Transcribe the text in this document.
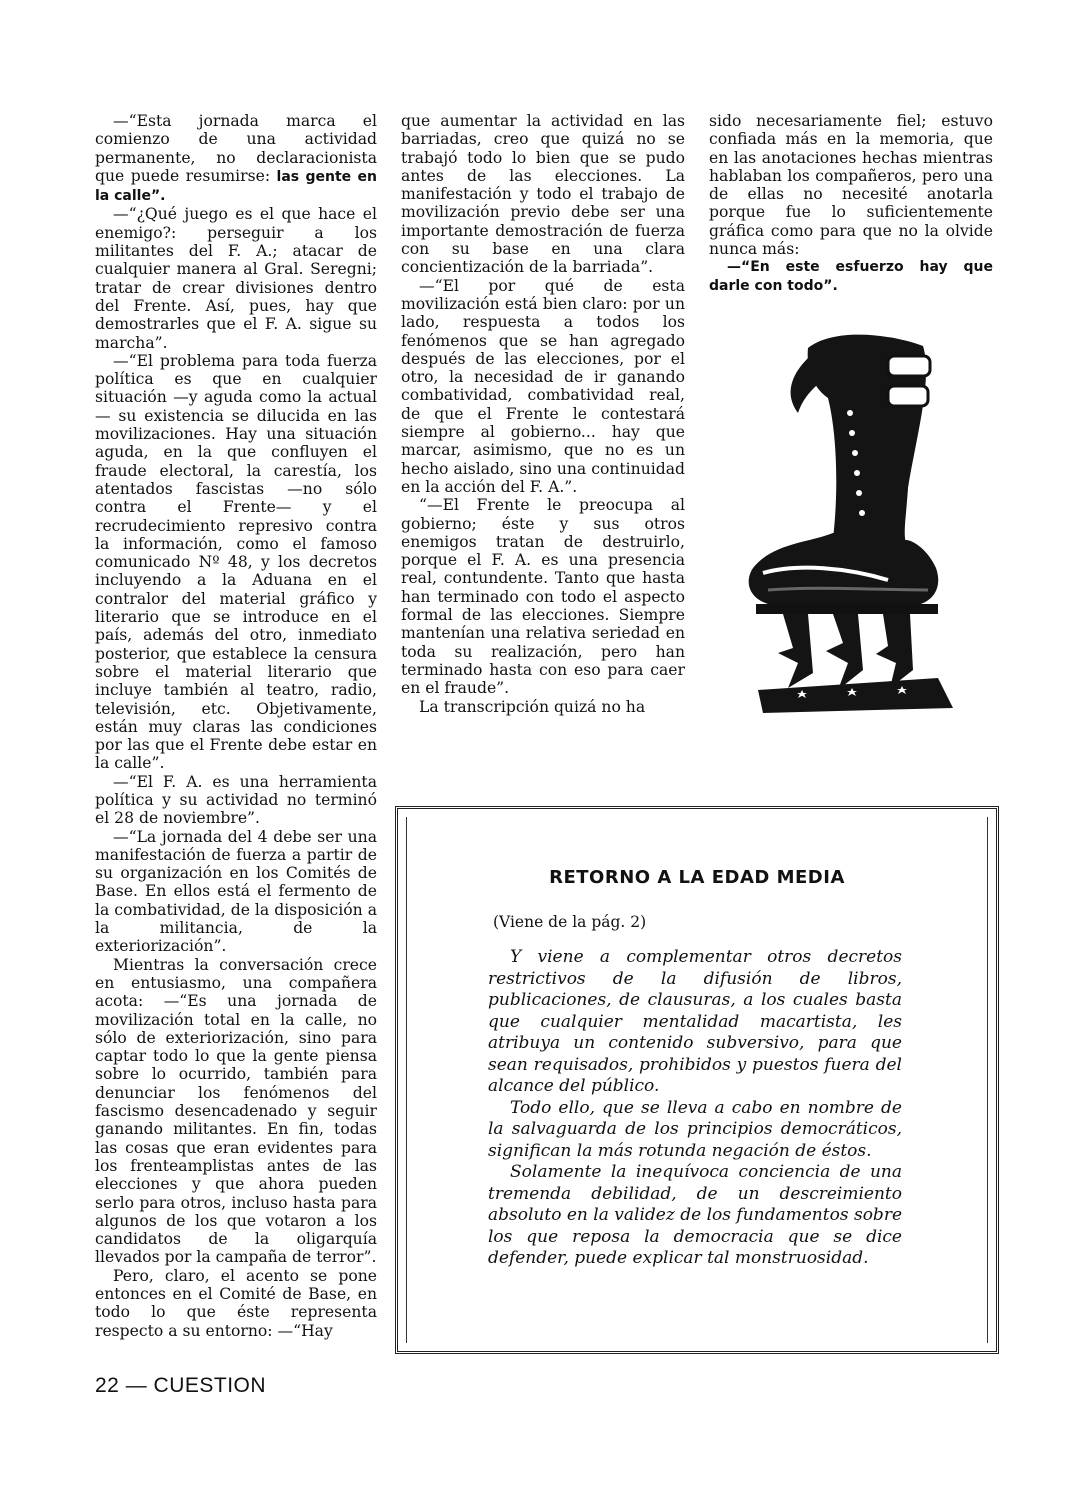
—“Esta jornada marca el comienzo de una actividad permanente, no declaracionista que puede resumirse: las gente en la calle”.

—“¿Qué juego es el que hace el enemigo?: perseguir a los militantes del F. A.; atacar de cualquier manera al Gral. Seregni; tratar de crear divisiones dentro del Frente. Así, pues, hay que demostrarles que el F. A. sigue su marcha”.

—“El problema para toda fuerza política es que en cualquier situación —y aguda como la actual— su existencia se dilucida en las movilizaciones. Hay una situación aguda, en la que confluyen el fraude electoral, la carestía, los atentados fascistas —no sólo contra el Frente— y el recrudecimiento represivo contra la información, como el famoso comunicado Nº 48, y los decretos incluyendo a la Aduana en el contralor del material gráfico y literario que se introduce en el país, además del otro, inmediato posterior, que establece la censura sobre el material literario que incluye también al teatro, radio, televisión, etc. Objetivamente, están muy claras las condiciones por las que el Frente debe estar en la calle”.

—“El F. A. es una herramienta política y su actividad no terminó el 28 de noviembre”.

—“La jornada del 4 debe ser una manifestación de fuerza a partir de su organización en los Comités de Base. En ellos está el fermento de la combatividad, de la disposición a la militancia, de la exteriorización”.

Mientras la conversación crece en entusiasmo, una compañera acota: —“Es una jornada de movilización total en la calle, no sólo de exteriorización, sino para captar todo lo que la gente piensa sobre lo ocurrido, también para denunciar los fenómenos del fascismo desencadenado y seguir ganando militantes. En fin, todas las cosas que eran evidentes para los frenteamplistas antes de las elecciones y que ahora pueden serlo para otros, incluso hasta para algunos de los que votaron a los candidatos de la oligarquía llevados por la campaña de terror”.

Pero, claro, el acento se pone entonces en el Comité de Base, en todo lo que éste representa respecto a su entorno: —“Hay

que aumentar la actividad en las barriadas, creo que quizá no se trabajó todo lo bien que se pudo antes de las elecciones. La manifestación y todo el trabajo de movilización previo debe ser una importante demostración de fuerza con su base en una clara concientización de la barriada”.

—“El por qué de esta movilización está bien claro: por un lado, respuesta a todos los fenómenos que se han agregado después de las elecciones, por el otro, la necesidad de ir ganando combatividad, combatividad real, de que el Frente le contestará siempre al gobierno... hay que marcar, asimismo, que no es un hecho aislado, sino una continuidad en la acción del F. A.”.

“—El Frente le preocupa al gobierno; éste y sus otros enemigos tratan de destruirlo, porque el F. A. es una presencia real, contundente. Tanto que hasta han terminado con todo el aspecto formal de las elecciones. Siempre mantenían una relativa seriedad en toda su realización, pero han terminado hasta con eso para caer en el fraude”.

La transcripción quizá no ha

sido necesariamente fiel; estuvo confiada más en la memoria, que en las anotaciones hechas mientras hablaban los compañeros, pero una de ellas no necesité anotarla porque fue lo suficientemente gráfica como para que no la olvide nunca más:

—“En este esfuerzo hay que darle con todo”.

RETORNO A LA EDAD MEDIA
(Viene de la pág. 2)

Y viene a complementar otros decretos restrictivos de la difusión de libros, publicaciones, de clausuras, a los cuales basta que cualquier mentalidad macartista, les atribuya un contenido subversivo, para que sean requisados, prohibidos y puestos fuera del alcance del público.

Todo ello, que se lleva a cabo en nombre de la salvaguarda de los principios democráticos, significan la más rotunda negación de éstos.

Solamente la inequívoca conciencia de una tremenda debilidad, de un descreimiento absoluto en la validez de los fundamentos sobre los que reposa la democracia que se dice defender, puede explicar tal monstruosidad.

22 — CUESTION
